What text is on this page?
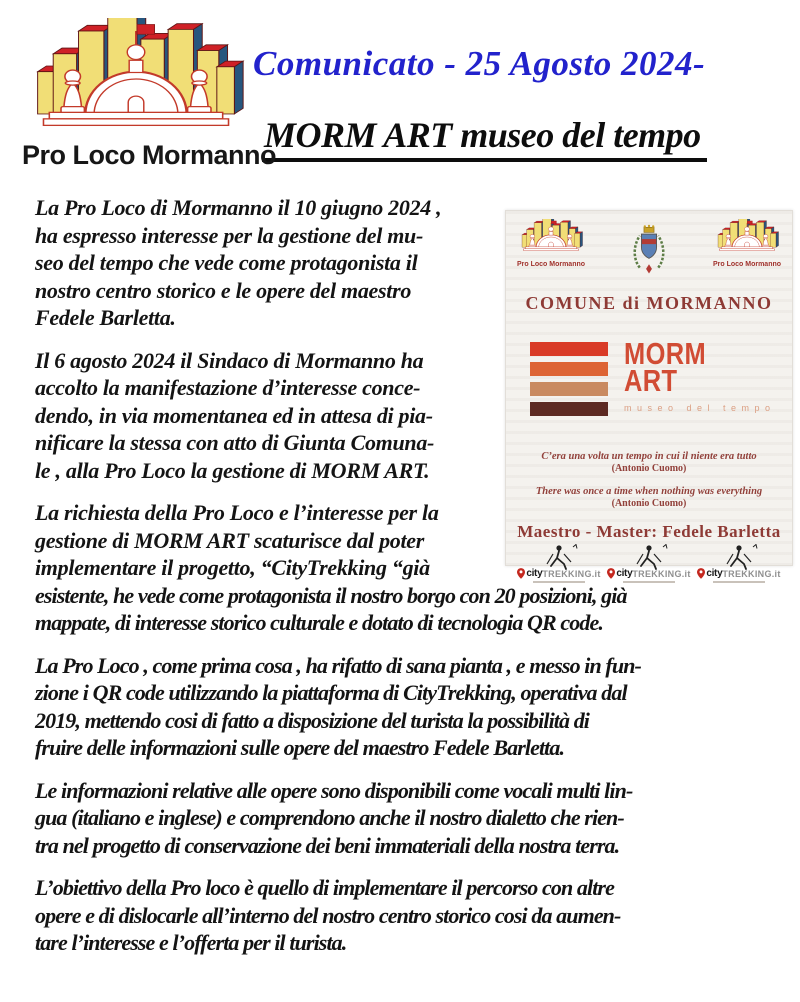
Pro Loco Mormanno
Comunicato - 25 Agosto 2024-
MORM ART museo del tempo
La Pro Loco di Mormanno il 10 giugno 2024 ,
ha espresso interesse per la gestione del mu-
seo del tempo che vede come protagonista il
nostro centro storico e le opere del maestro
Fedele Barletta.
Il 6 agosto 2024 il Sindaco di Mormanno ha
accolto la manifestazione d’interesse conce-
dendo, in via momentanea ed in attesa di pia-
nificare la stessa con atto di Giunta Comuna-
le , alla Pro Loco la gestione di MORM ART.
La richiesta della Pro Loco e l’interesse per la
gestione di MORM ART scaturisce dal poter
implementare il progetto, “CityTrekking “già
esistente, he vede come protagonista il nostro borgo con 20 posizioni, già
mappate, di interesse storico culturale e dotato di tecnologia QR code.
La Pro Loco , come prima cosa , ha rifatto di sana pianta , e messo in fun-
zione i QR code utilizzando la piattaforma di CityTrekking, operativa dal
2019, mettendo cosi di fatto a disposizione del turista la possibilità di
fruire delle informazioni sulle opere del maestro Fedele Barletta.
Le informazioni relative alle opere sono disponibili come vocali multi lin-
gua (italiano e inglese) e comprendono anche il nostro dialetto che rien-
tra nel progetto di conservazione dei beni immateriali della nostra terra.
L’obiettivo della Pro loco è quello di implementare il percorso con altre
opere e di dislocarle all’interno del nostro centro storico cosi da aumen-
tare l’interesse e l’offerta per il turista.
Pro Loco Mormanno	Pro Loco Mormanno
COMUNE di MORMANNO
MORM
ART
museo del tempo
C’era una volta un tempo in cui il niente era tutto
(Antonio Cuomo)
There was once a time when nothing was everything
(Antonio Cuomo)
Maestro - Master: Fedele Barletta
city TREKKING.it city TREKKING.it city TREKKING.it
